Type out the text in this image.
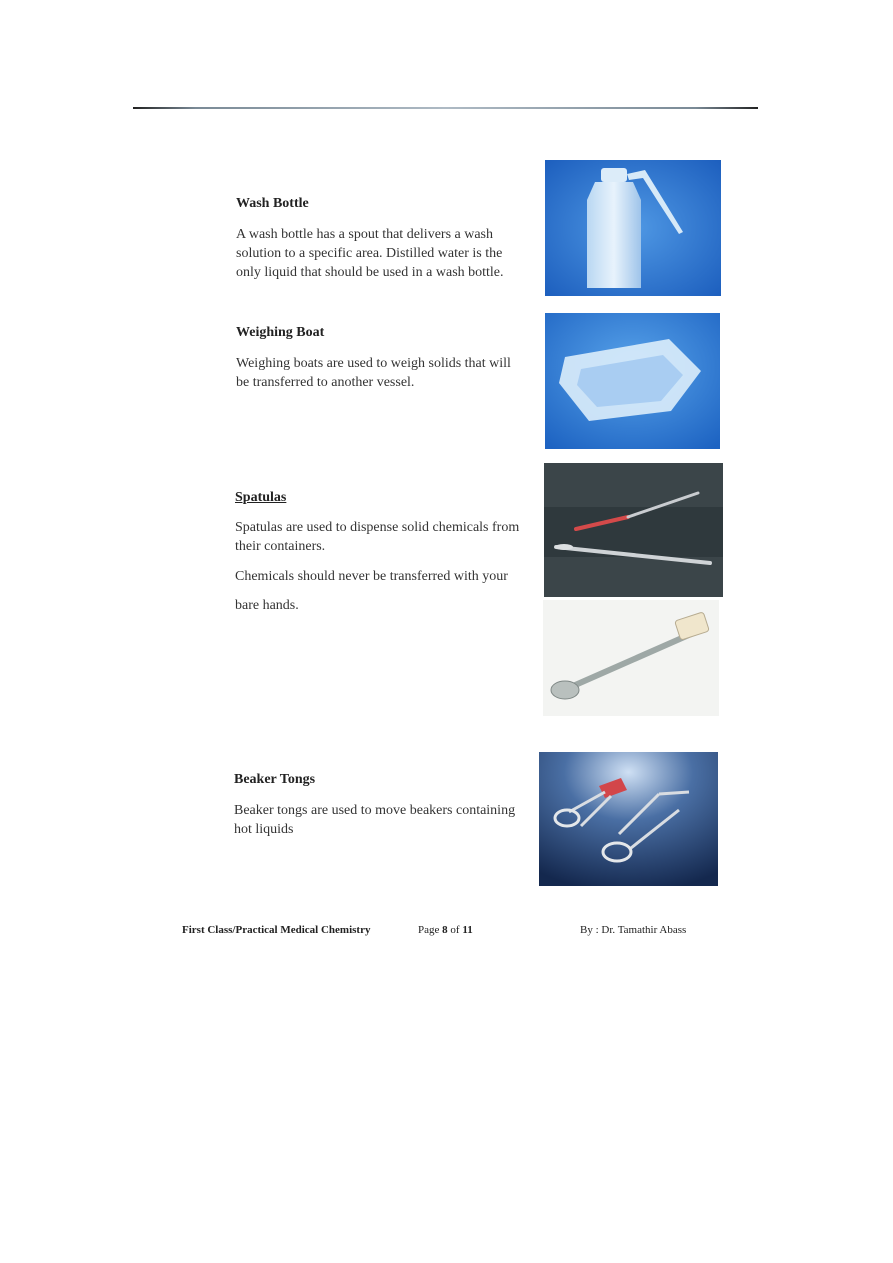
Wash Bottle
A wash bottle has a spout that delivers a wash solution to a specific area. Distilled water is the only liquid that should be used in a wash bottle.
Weighing Boat
Weighing boats are used to weigh solids that will be transferred to another vessel.
Spatulas
Spatulas are used to dispense solid chemicals from their containers.
Chemicals should never be transferred with your
bare hands.
Beaker Tongs
Beaker tongs are used to move beakers containing hot liquids
First Class/Practical Medical Chemistry	Page 8 of 11	By : Dr. Tamathir Abass
